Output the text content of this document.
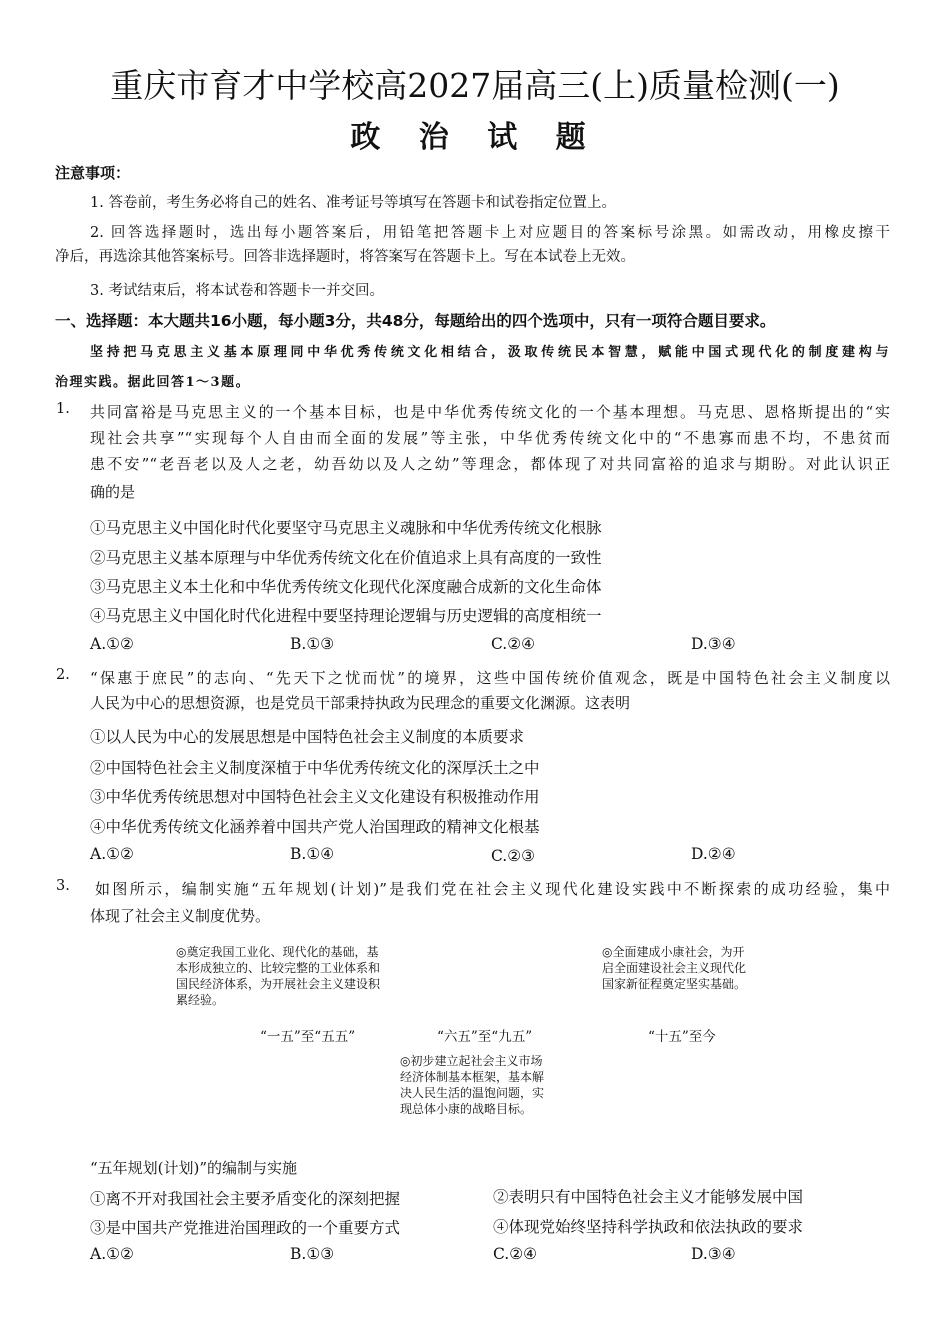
重庆市育才中学校高2027届高三(上)质量检测(一)
政 治 试 题
注意事项：
1. 答卷前，考生务必将自己的姓名、准考证号等填写在答题卡和试卷指定位置上。
2. 回答选择题时，选出每小题答案后，用铅笔把答题卡上对应题目的答案标号涂黑。如需改动，用橡皮擦干
净后，再选涂其他答案标号。回答非选择题时，将答案写在答题卡上。写在本试卷上无效。
3. 考试结束后，将本试卷和答题卡一并交回。
一、选择题：本大题共16小题，每小题3分，共48分，每题给出的四个选项中，只有一项符合题目要求。
坚持把马克思主义基本原理同中华优秀传统文化相结合，汲取传统民本智慧，赋能中国式现代化的制度建构与
治理实践。据此回答1～3题。
1. 共同富裕是马克思主义的一个基本目标，也是中华优秀传统文化的一个基本理想。马克思、恩格斯提出的“实
现社会共享”“实现每个人自由而全面的发展”等主张，中华优秀传统文化中的“不患寡而患不均，不患贫而
患不安”“老吾老以及人之老，幼吾幼以及人之幼”等理念，都体现了对共同富裕的追求与期盼。对此认识正
确的是
①马克思主义中国化时代化要坚守马克思主义魂脉和中华优秀传统文化根脉
②马克思主义基本原理与中华优秀传统文化在价值追求上具有高度的一致性
③马克思主义本土化和中华优秀传统文化现代化深度融合成新的文化生命体
④马克思主义中国化时代化进程中要坚持理论逻辑与历史逻辑的高度相统一
A.①②	B.①③	C.②④	D.③④
2. “保惠于庶民”的志向、“先天下之忧而忧”的境界，这些中国传统价值观念，既是中国特色社会主义制度以
人民为中心的思想资源，也是党员干部秉持执政为民理念的重要文化渊源。这表明
①以人民为中心的发展思想是中国特色社会主义制度的本质要求
②中国特色社会主义制度深植于中华优秀传统文化的深厚沃土之中
③中华优秀传统思想对中国特色社会主义文化建设有积极推动作用
④中华优秀传统文化涵养着中国共产党人治国理政的精神文化根基
A.①②	B.①④	C.②③	D.②④
3. 如图所示，编制实施“五年规划(计划)”是我们党在社会主义现代化建设实践中不断探索的成功经验，集中
体现了社会主义制度优势。
◎奠定我国工业化、现代化的基础，基本形成独立的、比较完整的工业体系和国民经济体系，为开展社会主义建设积累经验。
◎全面建成小康社会，为开启全面建设社会主义现代化国家新征程奠定坚实基础。
“一五”至“五五”	“六五”至“九五”	“十五”至今
◎初步建立起社会主义市场经济体制基本框架，基本解决人民生活的温饱问题，实现总体小康的战略目标。
“五年规划(计划)”的编制与实施
①离不开对我国社会主要矛盾变化的深刻把握	②表明只有中国特色社会主义才能够发展中国
③是中国共产党推进治国理政的一个重要方式	④体现党始终坚持科学执政和依法执政的要求
A.①②	B.①③	C.②④	D.③④
